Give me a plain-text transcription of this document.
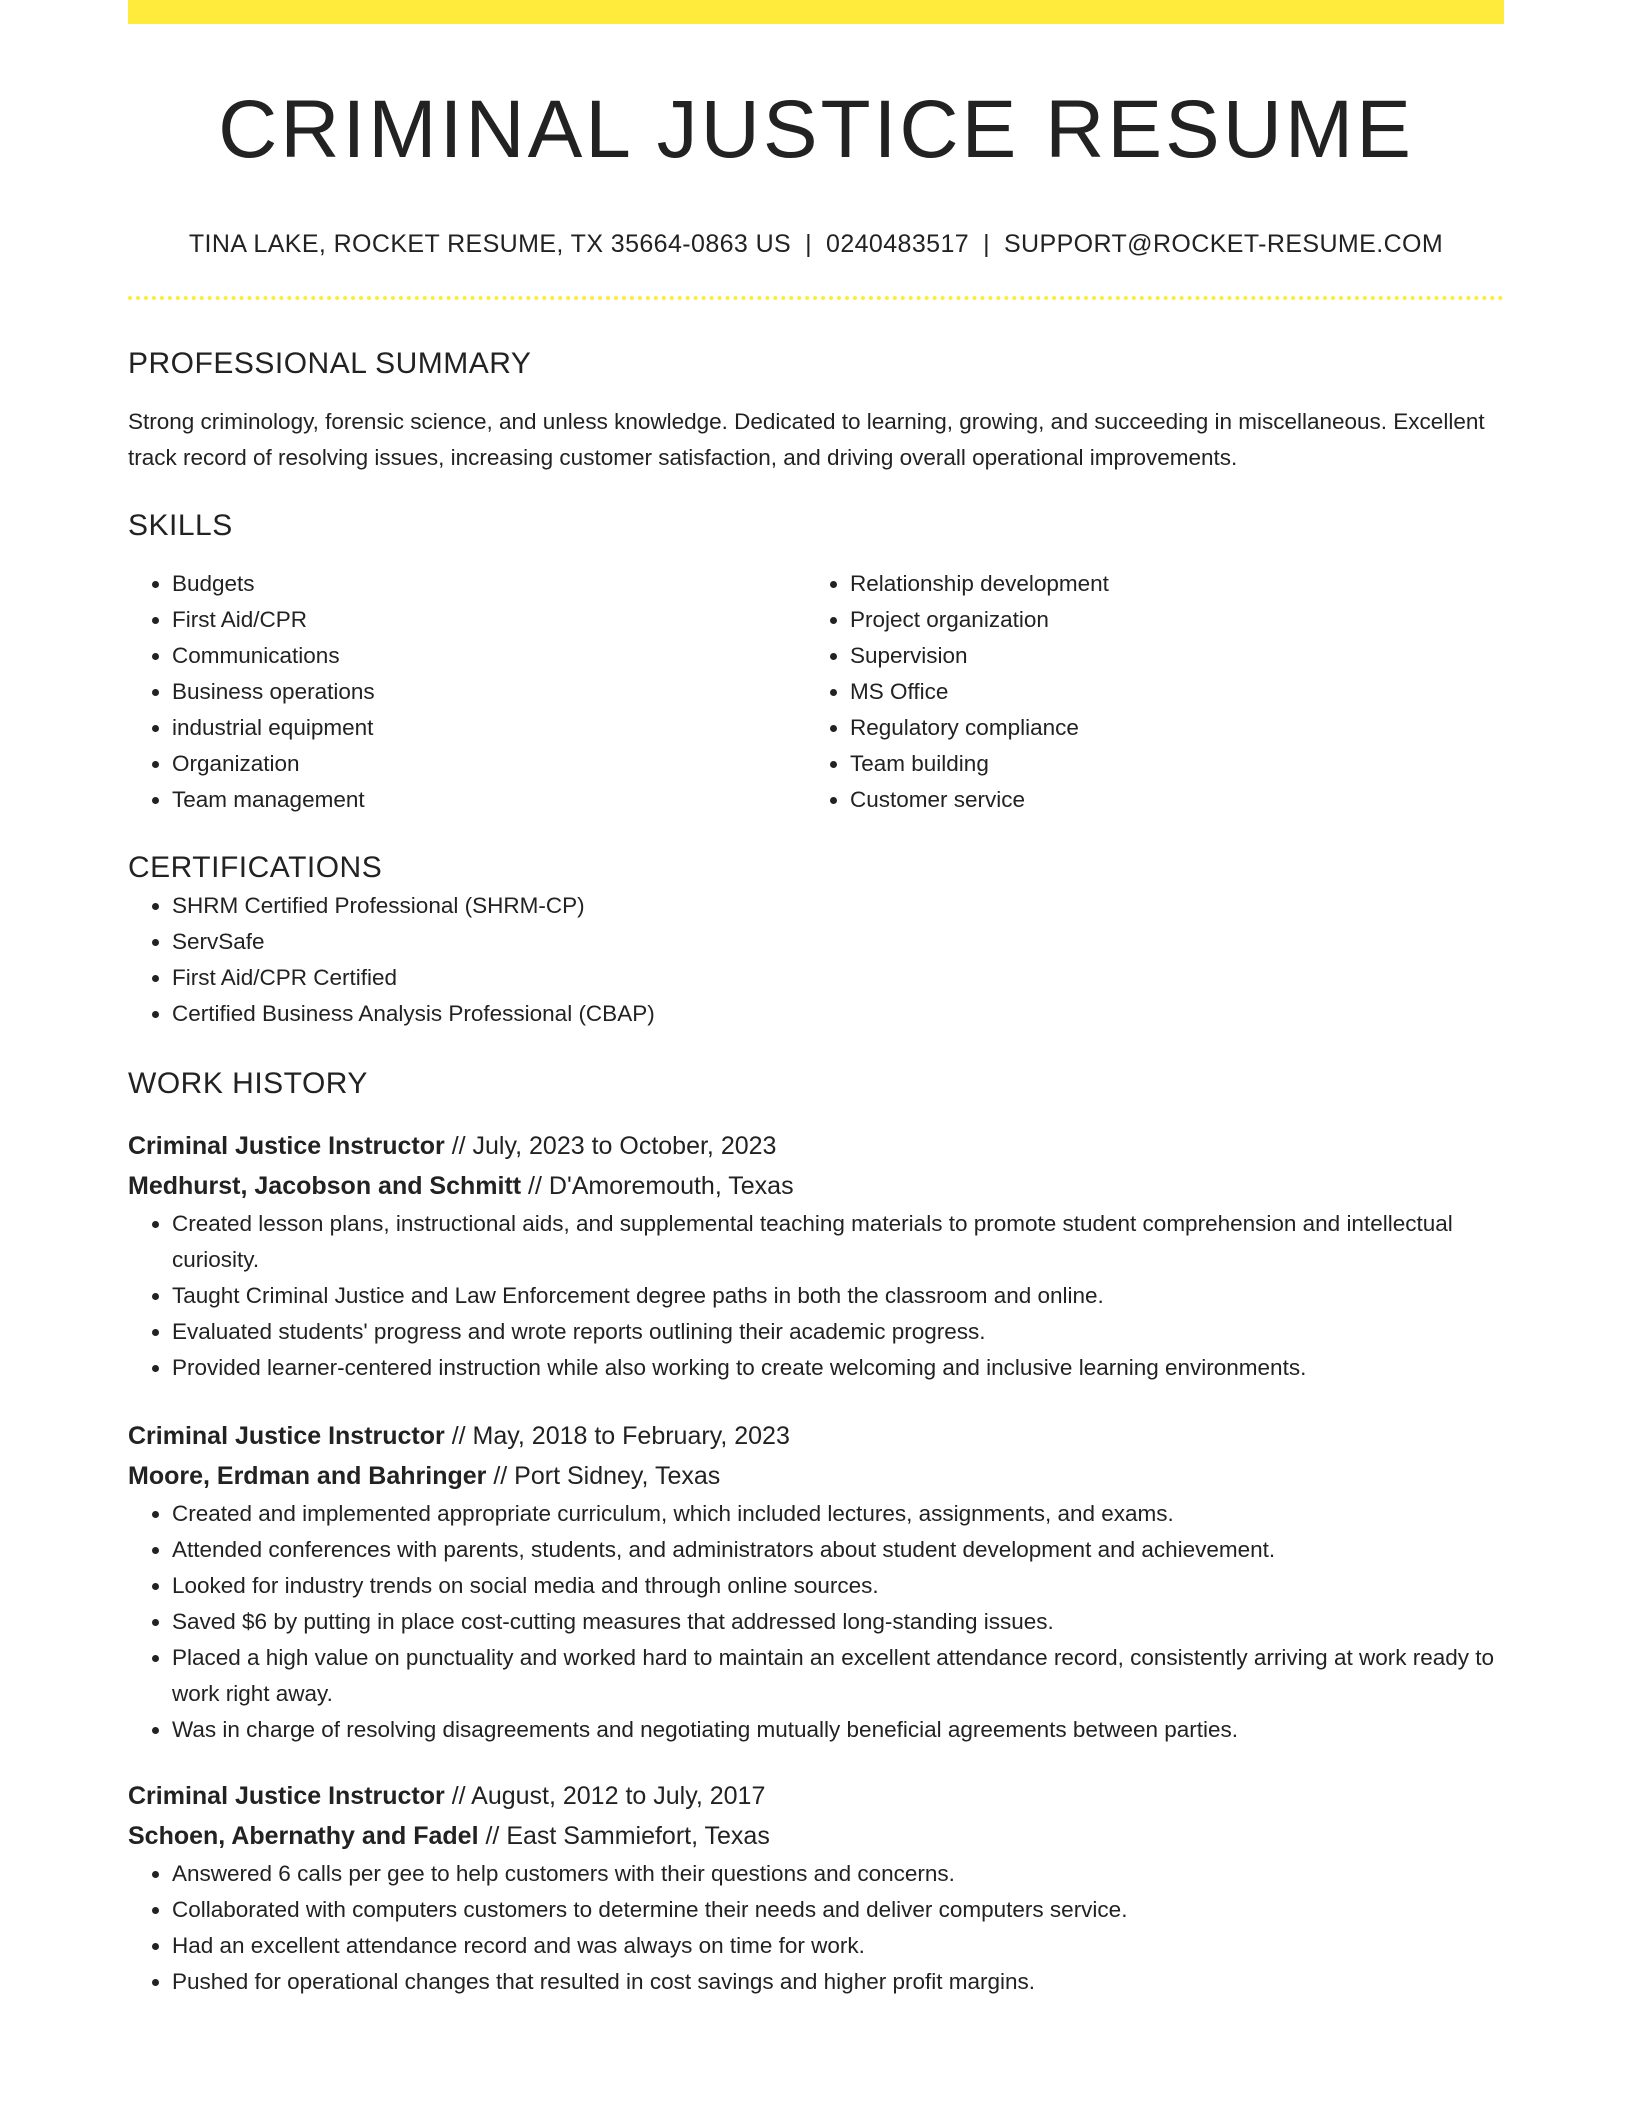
CRIMINAL JUSTICE RESUME
TINA LAKE, ROCKET RESUME, TX 35664-0863 US | 0240483517 | SUPPORT@ROCKET-RESUME.COM
PROFESSIONAL SUMMARY
Strong criminology, forensic science, and unless knowledge. Dedicated to learning, growing, and succeeding in miscellaneous. Excellent track record of resolving issues, increasing customer satisfaction, and driving overall operational improvements.
SKILLS
• Budgets
• First Aid/CPR
• Communications
• Business operations
• industrial equipment
• Organization
• Team management
• Relationship development
• Project organization
• Supervision
• MS Office
• Regulatory compliance
• Team building
• Customer service
CERTIFICATIONS
• SHRM Certified Professional (SHRM-CP)
• ServSafe
• First Aid/CPR Certified
• Certified Business Analysis Professional (CBAP)
WORK HISTORY
Criminal Justice Instructor // July, 2023 to October, 2023
Medhurst, Jacobson and Schmitt // D'Amoremouth, Texas
• Created lesson plans, instructional aids, and supplemental teaching materials to promote student comprehension and intellectual curiosity.
• Taught Criminal Justice and Law Enforcement degree paths in both the classroom and online.
• Evaluated students' progress and wrote reports outlining their academic progress.
• Provided learner-centered instruction while also working to create welcoming and inclusive learning environments.
Criminal Justice Instructor // May, 2018 to February, 2023
Moore, Erdman and Bahringer // Port Sidney, Texas
• Created and implemented appropriate curriculum, which included lectures, assignments, and exams.
• Attended conferences with parents, students, and administrators about student development and achievement.
• Looked for industry trends on social media and through online sources.
• Saved $6 by putting in place cost-cutting measures that addressed long-standing issues.
• Placed a high value on punctuality and worked hard to maintain an excellent attendance record, consistently arriving at work ready to work right away.
• Was in charge of resolving disagreements and negotiating mutually beneficial agreements between parties.
Criminal Justice Instructor // August, 2012 to July, 2017
Schoen, Abernathy and Fadel // East Sammiefort, Texas
• Answered 6 calls per gee to help customers with their questions and concerns.
• Collaborated with computers customers to determine their needs and deliver computers service.
• Had an excellent attendance record and was always on time for work.
• Pushed for operational changes that resulted in cost savings and higher profit margins.
